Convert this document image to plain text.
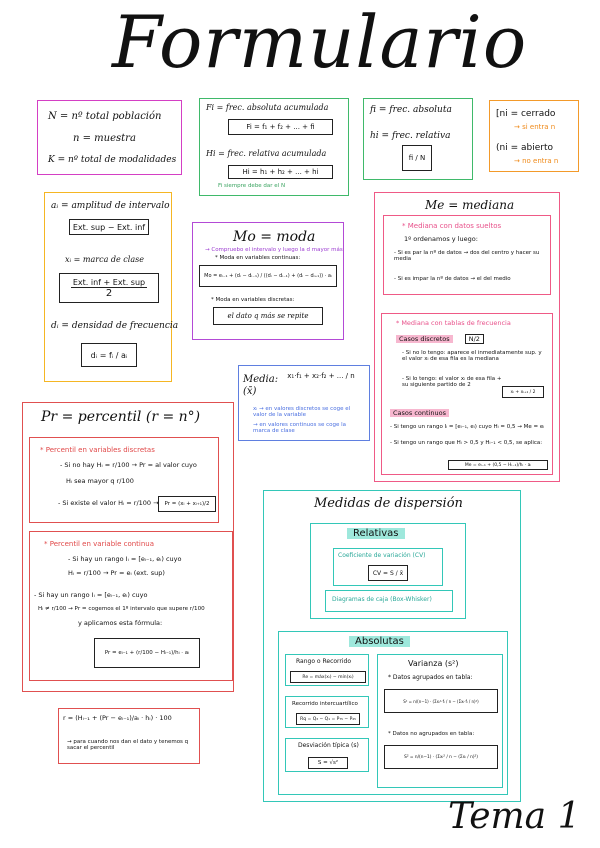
Formulario
N = nº total población
n = muestra
K = nº total de modalidades
Fi = frec. absoluta acumulada
Fi = f₁ + f₂ + ... + fi
Hi = frec. relativa acumulada
Hi = h₁ + h₂ + ... + hi
Fi siempre debe dar el N
fi = frec. absoluta
hi = frec. relativa
fi / N
[ni = cerrado
→ si entra n
(ni = abierto
→ no entra n
aᵢ = amplitud de intervalo
Ext. sup − Ext. inf
xᵢ = marca de clase
Ext. inf + Ext. sup
2
dᵢ = densidad de frecuencia
dᵢ = fᵢ / aᵢ
Mo = moda
→ Compruebo el intervalo y luego la d mayor más
* Moda en variables continuas:
Mo = eᵢ₋₁ + (dᵢ − dᵢ₋₁) / ((dᵢ − dᵢ₋₁) + (dᵢ − dᵢ₊₁)) · aᵢ
* Moda en variables discretas:
el dato q más se repite
Media: (x̄)
x₁·f₁ + x₂·f₂ + ... / n
xᵢ → en valores discretos se coge el valor de la variable
→ en valores continuos se coge la marca de clase
Me = mediana
* Mediana con datos sueltos
1º ordenamos y luego:
- Si es par la nº de datos → dos del centro y hacer su media
- Si es impar la nº de datos → el del medio
* Mediana con tablas de frecuencia
Casos discretos	N/2
- Si no lo tengo: aparece el inmediatamente sup. y el valor xᵢ de esa fila es la mediana
- Si lo tengo: el valor xᵢ de esa fila + su siguiente partido de 2
xᵢ + xᵢ₊₁ / 2
Casos continuos
- Si tengo un rango Iᵢ = [eᵢ₋₁, eᵢ) cuyo Hᵢ = 0,5 → Me = eᵢ
- Si tengo un rango que Hᵢ > 0,5 y Hᵢ₋₁ < 0,5, se aplica:
Me = eᵢ₋₁ + (0,5 − Hᵢ₋₁)/hᵢ · aᵢ
Pr = percentil (r = n°)
* Percentil en variables discretas
- Si no hay Hᵢ = r/100 → Pr = al valor cuyo
Hᵢ sea mayor q r/100
- Si existe el valor Hᵢ = r/100 →	Pr = (xᵢ + xᵢ₊₁)/2
* Percentil en variable continua
- Si hay un rango Iᵢ = [eᵢ₋₁, eᵢ) cuyo
Hᵢ = r/100 → Pr = eᵢ (ext. sup)
- Si hay un rango Iᵢ = [eᵢ₋₁, eᵢ) cuyo
Hᵢ ≠ r/100 → Pr = cogemos el 1º intervalo que supere r/100
y aplicamos esta fórmula:
Pr = eᵢ₋₁ + (r/100 − Hᵢ₋₁)/hᵢ · aᵢ
r = (Hᵢ₋₁ + (Pr − eᵢ₋₁)/aᵢ · hᵢ) · 100
→ para cuando nos dan el dato y tenemos q sacar el percentil
Medidas de dispersión
Relativas
Coeficiente de variación (CV)
CV = S / x̄
Diagramas de caja (Box-Whisker)
Absolutas
Rango o Recorrido
Re = máx(xᵢ) − mín(xᵢ)
Recorrido intercuartílico
Rq = Q₃ − Q₁ = P₇₅ − P₂₅
Desviación típica (s)
S = √s²
Varianza (s²)
* Datos agrupados en tabla:
S² = n/(n−1) · (Σxᵢ²·fᵢ / n − (Σxᵢ·fᵢ / n)²)
* Datos no agrupados en tabla:
S² = n/(n−1) · (Σxᵢ² / n − (Σxᵢ / n)²)
Tema 1
